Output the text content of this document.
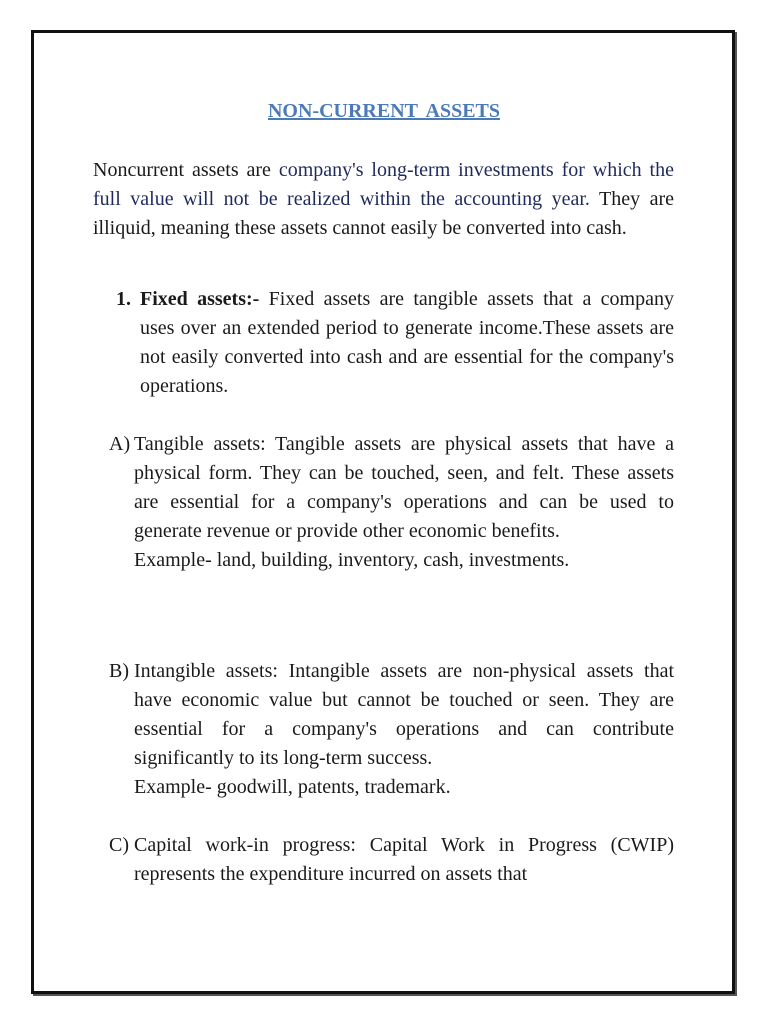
NON-CURRENT ASSETS

Noncurrent assets are company's long-term investments for which the full value will not be realized within the accounting year. They are illiquid, meaning these assets cannot easily be converted into cash.

1. Fixed assets:- Fixed assets are tangible assets that a company uses over an extended period to generate income.These assets are not easily converted into cash and are essential for the company's operations.
A) Tangible assets: Tangible assets are physical assets that have a physical form. They can be touched, seen, and felt. These assets are essential for a company's operations and can be used to generate revenue or provide other economic benefits.
Example- land, building, inventory, cash, investments.
B) Intangible assets: Intangible assets are non-physical assets that have economic value but cannot be touched or seen. They are essential for a company's operations and can contribute significantly to its long-term success.
Example- goodwill, patents, trademark.
C) Capital work-in progress: Capital Work in Progress (CWIP) represents the expenditure incurred on assets that
